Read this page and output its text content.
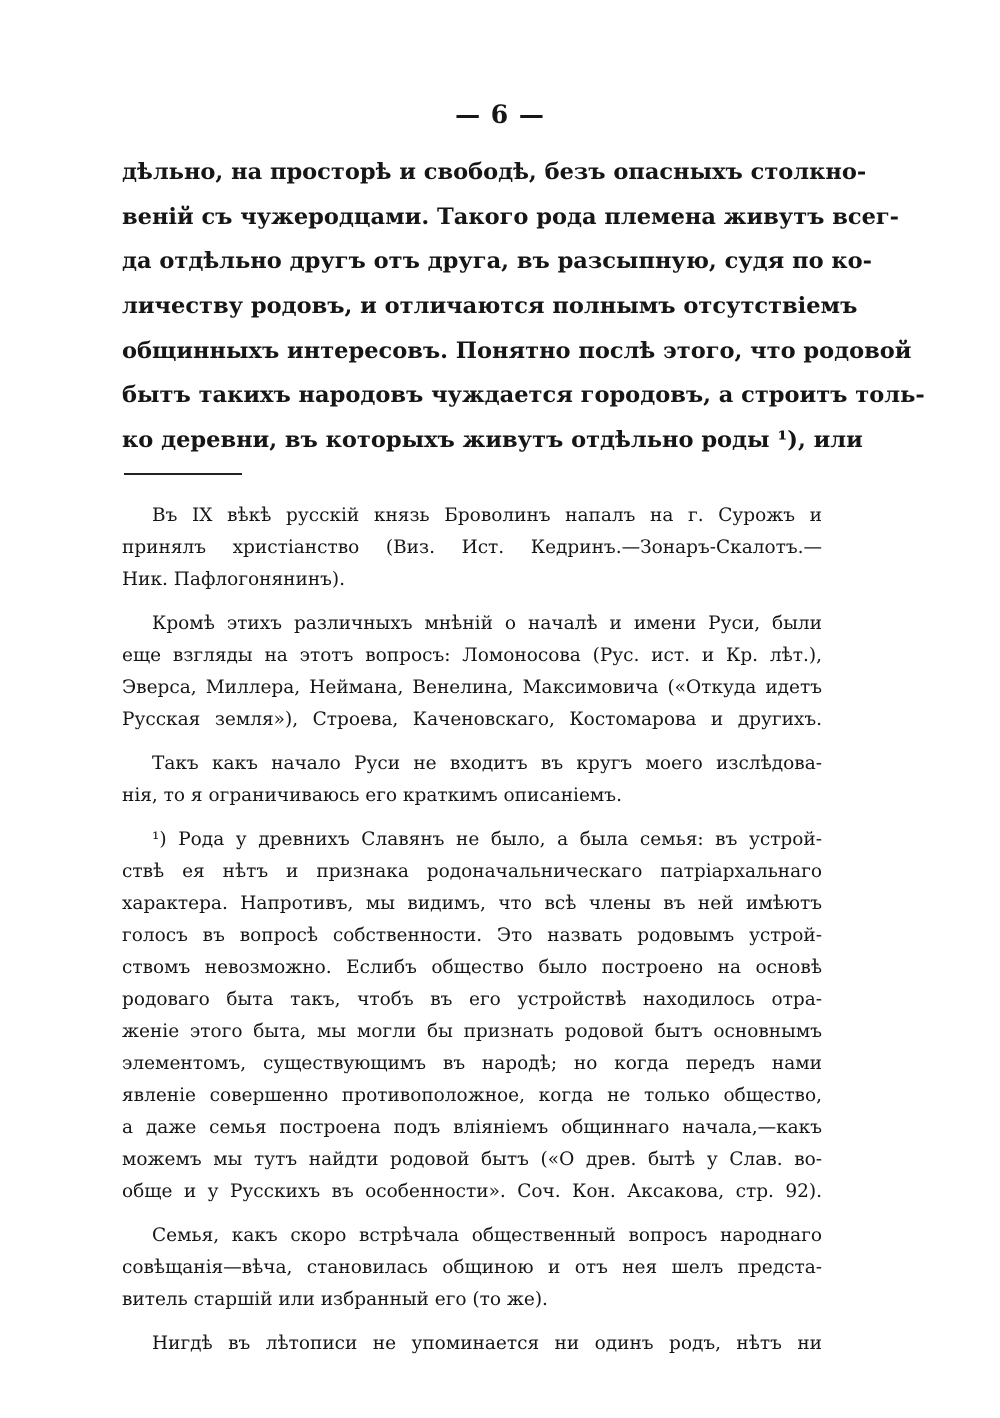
— 6 —
дѣльно, на просторѣ и свободѣ, безъ опасныхъ столкно-
веній съ чужеродцами. Такого рода племена живутъ всег-
да отдѣльно другъ отъ друга, въ разсыпную, судя по ко-
личеству родовъ, и отличаются полнымъ отсутствіемъ
общинныхъ интересовъ. Понятно послѣ этого, что родовой
бытъ такихъ народовъ чуждается городовъ, а строитъ толь-
ко деревни, въ которыхъ живутъ отдѣльно роды ¹), или
Въ IX вѣкѣ русскій князь Броволинъ напалъ на г. Сурожъ и
принялъ христіанство (Виз. Ист. Кедринъ.—Зонаръ-Скалотъ.—
Ник. Пафлогонянинъ).
Кромѣ этихъ различныхъ мнѣній о началѣ и имени Руси, были
еще взгляды на этотъ вопросъ: Ломоносова (Рус. ист. и Кр. лѣт.),
Эверса, Миллера, Неймана, Венелина, Максимовича («Откуда идетъ
Русская земля»), Строева, Каченовскаго, Костомарова и другихъ.
Такъ какъ начало Руси не входитъ въ кругъ моего изслѣдова-
нія, то я ограничиваюсь его краткимъ описаніемъ.
¹) Рода у древнихъ Славянъ не было, а была семья: въ устрой-
ствѣ ея нѣтъ и признака родоначальническаго патріархальнаго
характера. Напротивъ, мы видимъ, что всѣ члены въ ней имѣютъ
голосъ въ вопросѣ собственности. Это назвать родовымъ устрой-
ствомъ невозможно. Еслибъ общество было построено на основѣ
родоваго быта такъ, чтобъ въ его устройствѣ находилось отра-
женіе этого быта, мы могли бы признать родовой бытъ основнымъ
элементомъ, существующимъ въ народѣ; но когда передъ нами
явленіе совершенно противоположное, когда не только общество,
а даже семья построена подъ вліяніемъ общиннаго начала,—какъ
можемъ мы тутъ найдти родовой бытъ («О древ. бытѣ у Слав. во-
обще и у Русскихъ въ особенности». Соч. Кон. Аксакова, стр. 92).
Семья, какъ скоро встрѣчала общественный вопросъ народнаго
совѣщанія—вѣча, становилась общиною и отъ нея шелъ предста-
витель старшій или избранный его (то же).
Нигдѣ въ лѣтописи не упоминается ни одинъ родъ, нѣтъ ни
